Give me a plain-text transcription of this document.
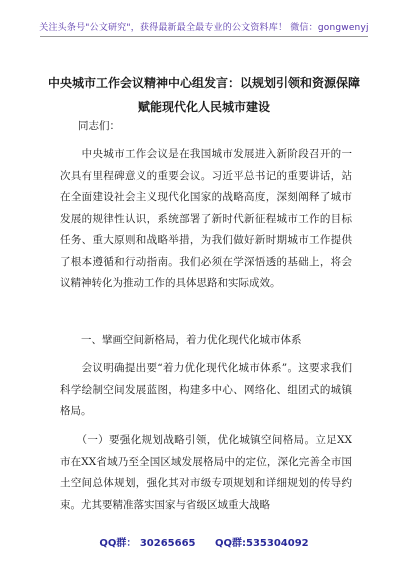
关注头条号"公文研究"，获得最新最全最专业的公文资料库！ 微信：gongwenyj
中央城市工作会议精神中心组发言：以规划引领和资源保障赋能现代化人民城市建设
同志们：
　　中央城市工作会议是在我国城市发展进入新阶段召开的一次具有里程碑意义的重要会议。习近平总书记的重要讲话，站在全面建设社会主义现代化国家的战略高度，深刻阐释了城市发展的规律性认识，系统部署了新时代新征程城市工作的目标任务、重大原则和战略举措，为我们做好新时期城市工作提供了根本遵循和行动指南。我们必须在学深悟透的基础上，将会议精神转化为推动工作的具体思路和实际成效。
　　一、擘画空间新格局，着力优化现代化城市体系
　　会议明确提出要“着力优化现代化城市体系”。这要求我们科学绘制空间发展蓝图，构建多中心、网络化、组团式的城镇格局。
　　（一）要强化规划战略引领，优化城镇空间格局。立足XX市在XX省域乃至全国区域发展格局中的定位，深化完善全市国土空间总体规划，强化其对市级专项规划和详细规划的传导约束。尤其要精准落实国家与省级区域重大战略
QQ群： 30265665 QQ群:535304092
